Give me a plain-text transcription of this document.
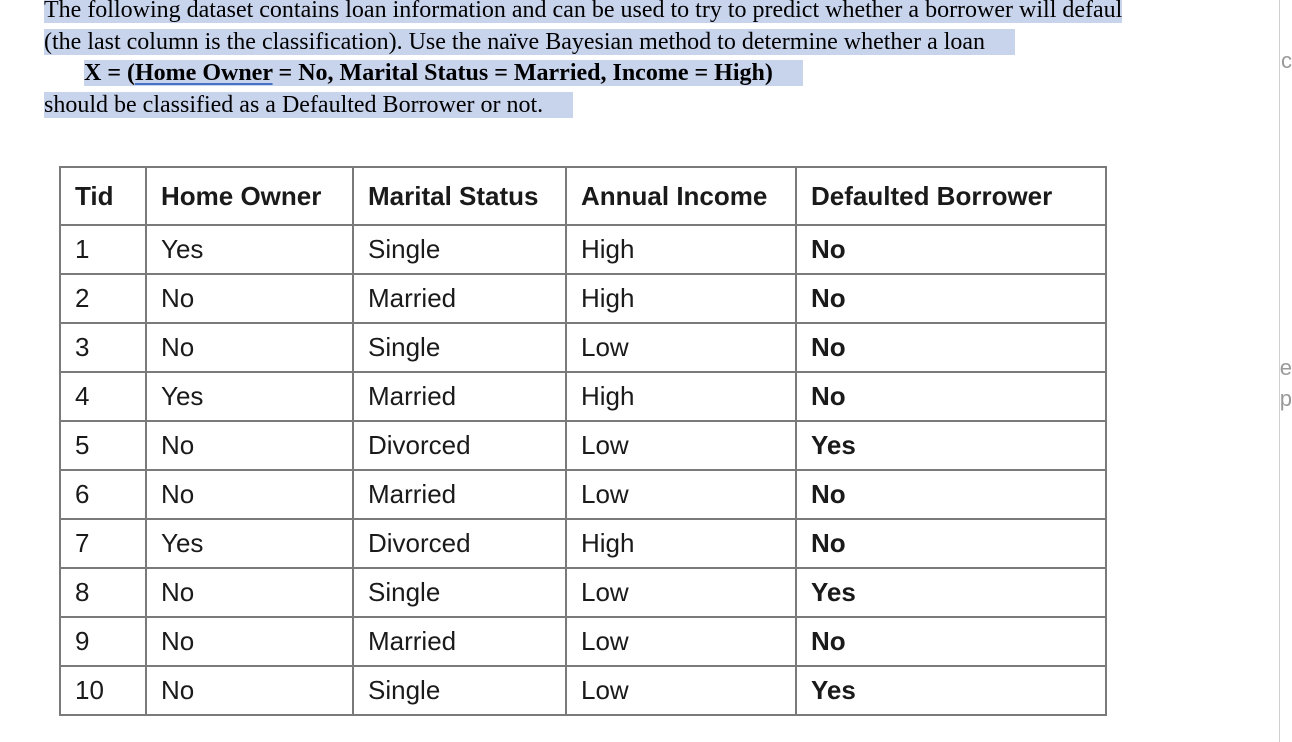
The following dataset contains loan information and can be used to try to predict whether a borrower will defaul
(the last column is the classification). Use the naïve Bayesian method to determine whether a loan
X = (Home Owner = No, Marital Status = Married, Income = High)
should be classified as a Defaulted Borrower or not.
Tid	Home Owner	Marital Status	Annual Income	Defaulted Borrower
1	Yes	Single	High	No
2	No	Married	High	No
3	No	Single	Low	No
4	Yes	Married	High	No
5	No	Divorced	Low	Yes
6	No	Married	Low	No
7	Yes	Divorced	High	No
8	No	Single	Low	Yes
9	No	Married	Low	No
10	No	Single	Low	Yes
c
e
p
